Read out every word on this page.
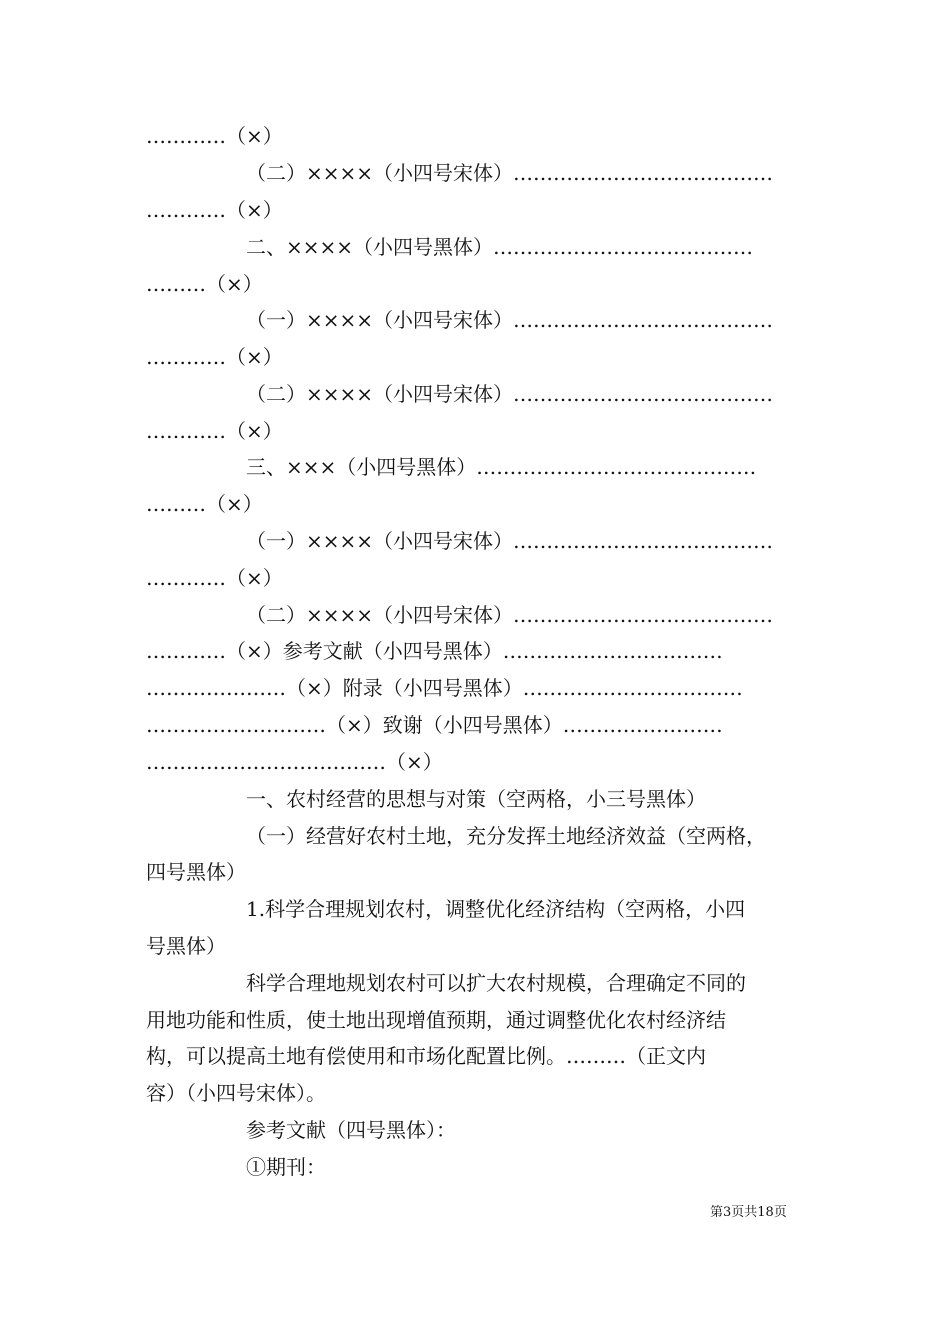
…………（×）

（二）××××（小四号宋体）…………………………………

…………（×）

二、××××（小四号黑体）…………………………………

………（×）

（一）××××（小四号宋体）…………………………………

…………（×）

（二）××××（小四号宋体）…………………………………

…………（×）

三、×××（小四号黑体）……………………………………

………（×）

（一）××××（小四号宋体）…………………………………

…………（×）

（二）××××（小四号宋体）…………………………………

…………（×）参考文献（小四号黑体）……………………………

…………………（×）附录（小四号黑体）……………………………

………………………（×）致谢（小四号黑体）……………………

………………………………（×）

一、农村经营的思想与对策（空两格，小三号黑体）

（一）经营好农村土地，充分发挥土地经济效益（空两格，

四号黑体）

1.科学合理规划农村，调整优化经济结构（空两格，小四

号黑体）

科学合理地规划农村可以扩大农村规模，合理确定不同的

用地功能和性质，使土地出现增值预期，通过调整优化农村经济结

构，可以提高土地有偿使用和市场化配置比例。………（正文内

容）（小四号宋体）。

参考文献（四号黑体）：

①期刊：

第3页共18页
